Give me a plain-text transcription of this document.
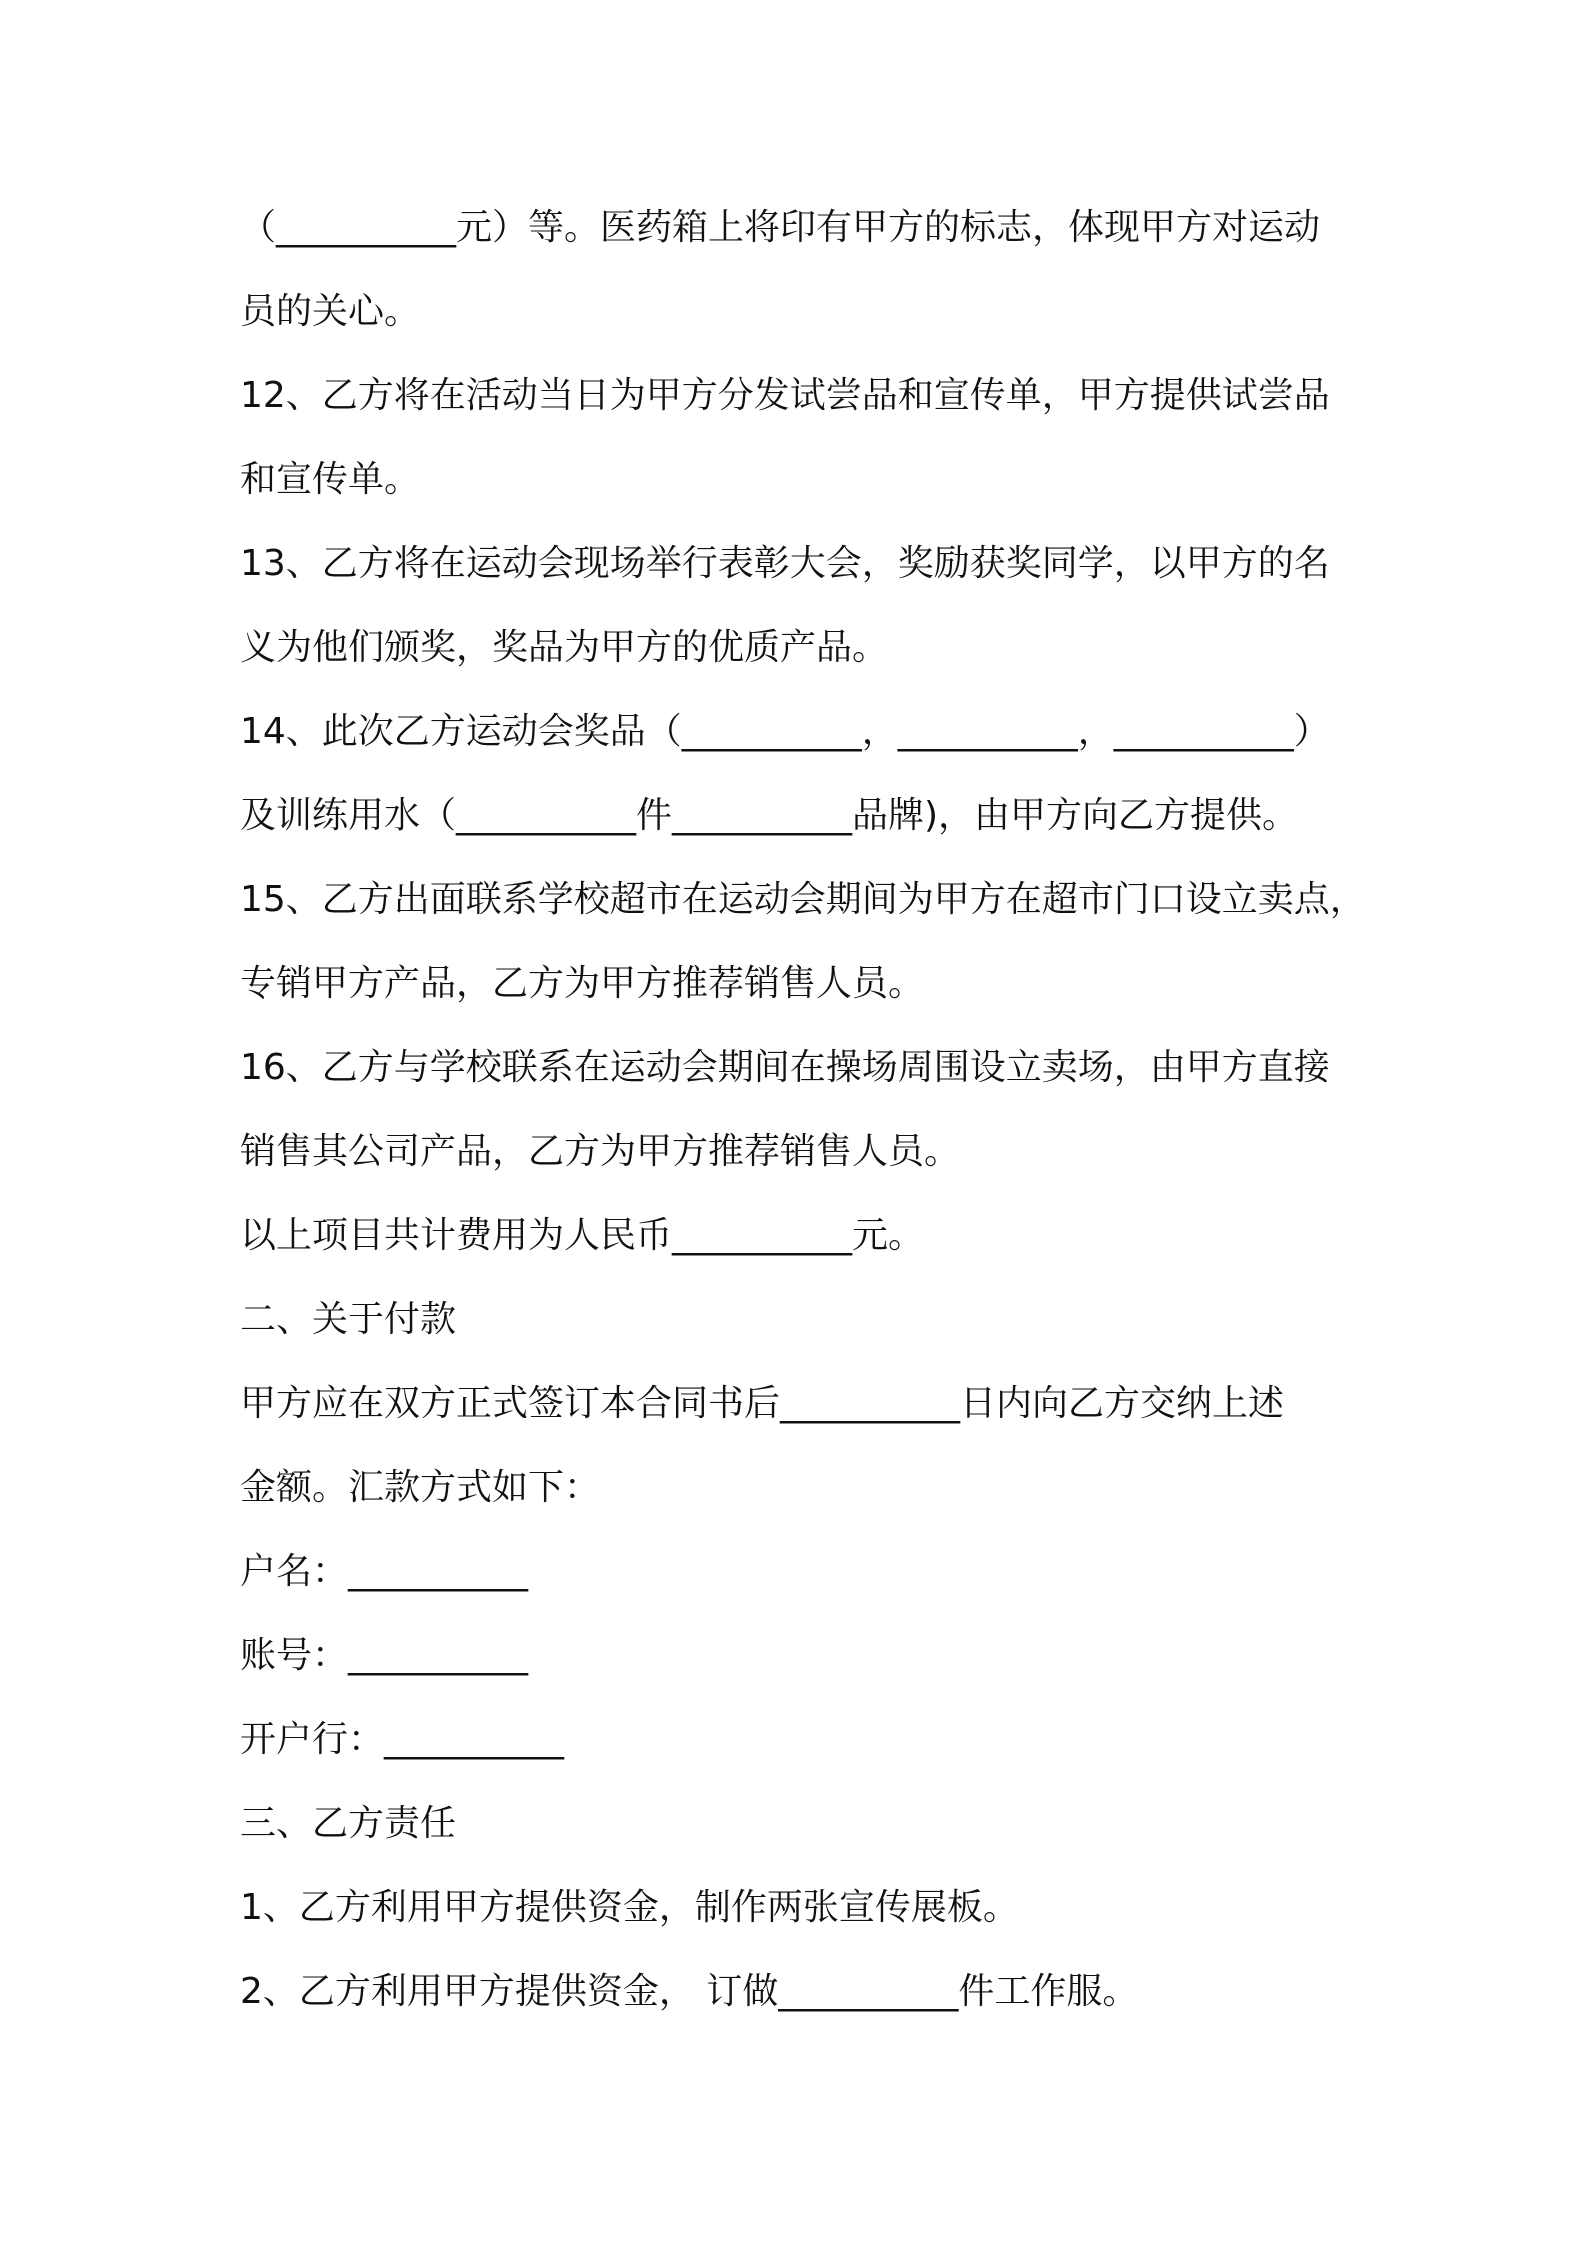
（__________元）等。医药箱上将印有甲方的标志，体现甲方对运动
员的关心。
12、乙方将在活动当日为甲方分发试尝品和宣传单，甲方提供试尝品
和宣传单。
13、乙方将在运动会现场举行表彰大会，奖励获奖同学，以甲方的名
义为他们颁奖，奖品为甲方的优质产品。
14、此次乙方运动会奖品（__________，__________，__________）
及训练用水（__________件__________品牌)，由甲方向乙方提供。
15、乙方出面联系学校超市在运动会期间为甲方在超市门口设立卖点，
专销甲方产品，乙方为甲方推荐销售人员。
16、乙方与学校联系在运动会期间在操场周围设立卖场，由甲方直接
销售其公司产品，乙方为甲方推荐销售人员。
以上项目共计费用为人民币__________元。
二、关于付款
甲方应在双方正式签订本合同书后__________日内向乙方交纳上述
金额。汇款方式如下：
户名：__________
账号：__________
开户行：__________
三、乙方责任
1、乙方利用甲方提供资金，制作两张宣传展板。
2、乙方利用甲方提供资金， 订做__________件工作服。
